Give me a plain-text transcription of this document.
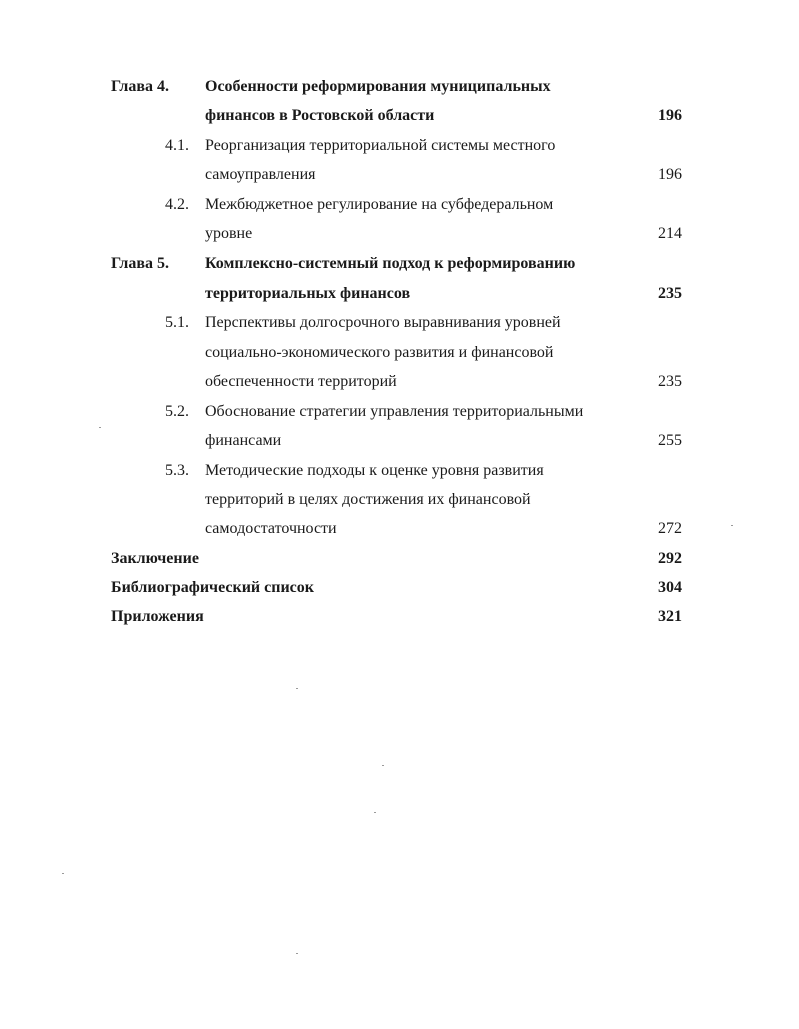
Глава 4. Особенности реформирования муниципальных
финансов в Ростовской области	196
4.1. Реорганизация территориальной системы местного
самоуправления	196
4.2. Межбюджетное регулирование на субфедеральном
уровне	214
Глава 5. Комплексно-системный подход к реформированию
территориальных финансов	235
5.1. Перспективы долгосрочного выравнивания уровней
социально-экономического развития и финансовой
обеспеченности территорий	235
5.2. Обоснование стратегии управления территориальными
финансами	255
5.3. Методические подходы к оценке уровня развития
территорий в целях достижения их финансовой
самодостаточности	272
Заключение	292
Библиографический список	304
Приложения	321
